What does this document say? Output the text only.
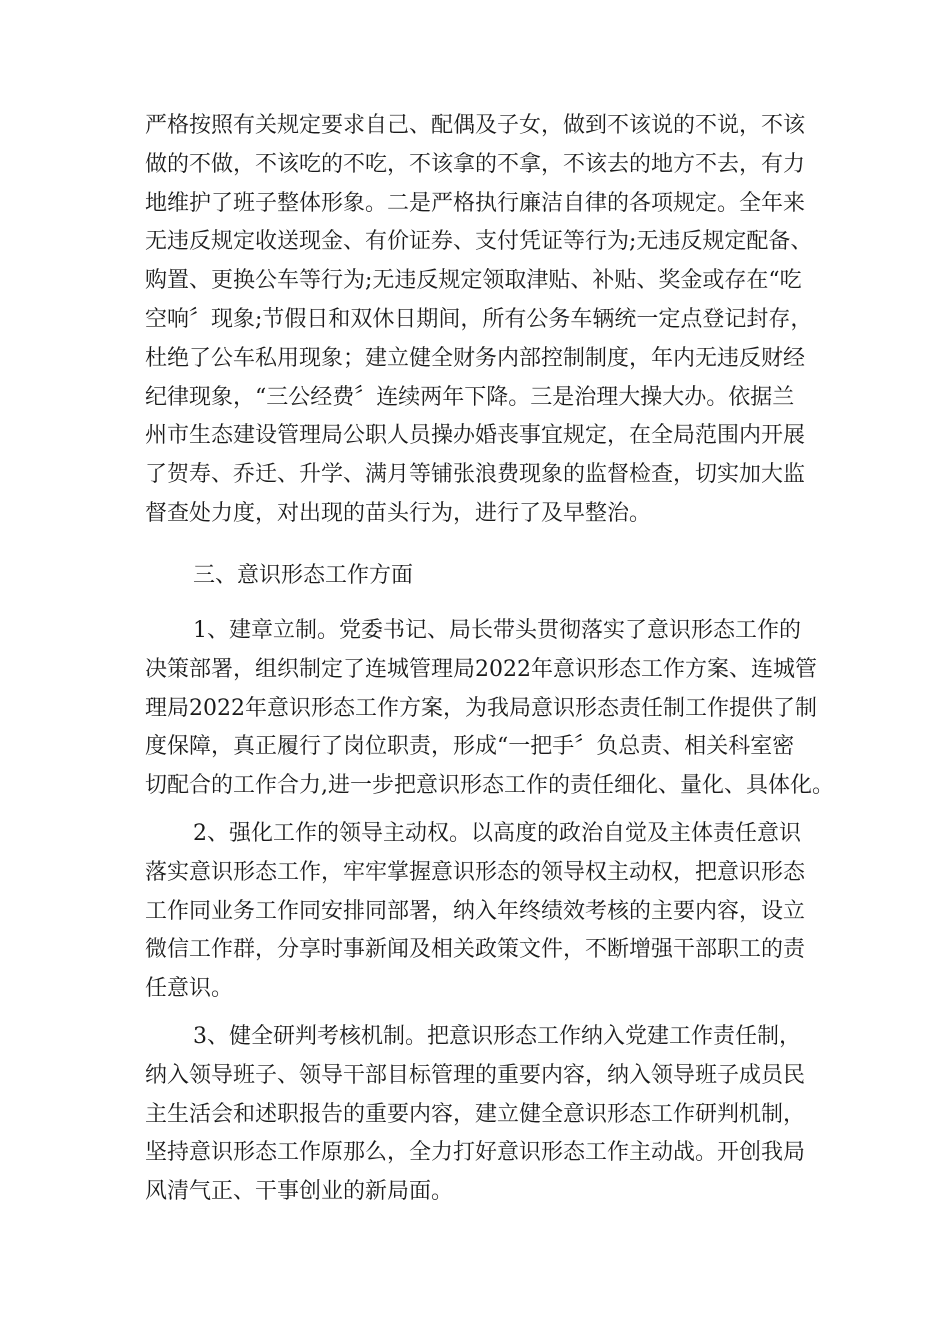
严格按照有关规定要求自己、配偶及子女，做到不该说的不说，不该
做的不做，不该吃的不吃，不该拿的不拿，不该去的地方不去，有力
地维护了班子整体形象。二是严格执行廉洁自律的各项规定。全年来
无违反规定收送现金、有价证券、支付凭证等行为;无违反规定配备、
购置、更换公车等行为;无违反规定领取津贴、补贴、奖金或存在“吃
空响〞现象;节假日和双休日期间，所有公务车辆统一定点登记封存，
杜绝了公车私用现象；建立健全财务内部控制制度，年内无违反财经
纪律现象，“三公经费〞连续两年下降。三是治理大操大办。依据兰
州市生态建设管理局公职人员操办婚丧事宜规定，在全局范围内开展
了贺寿、乔迁、升学、满月等铺张浪费现象的监督检查，切实加大监
督查处力度，对出现的苗头行为，进行了及早整治。

三、意识形态工作方面

1、建章立制。党委书记、局长带头贯彻落实了意识形态工作的
决策部署，组织制定了连城管理局2022年意识形态工作方案、连城管
理局2022年意识形态工作方案，为我局意识形态责任制工作提供了制
度保障，真正履行了岗位职责，形成“一把手〞负总责、相关科室密
切配合的工作合力,进一步把意识形态工作的责任细化、量化、具体化。
2、强化工作的领导主动权。以高度的政治自觉及主体责任意识
落实意识形态工作，牢牢掌握意识形态的领导权主动权，把意识形态
工作同业务工作同安排同部署，纳入年终绩效考核的主要内容，设立
微信工作群，分享时事新闻及相关政策文件，不断增强干部职工的责
任意识。
3、健全研判考核机制。把意识形态工作纳入党建工作责任制，
纳入领导班子、领导干部目标管理的重要内容，纳入领导班子成员民
主生活会和述职报告的重要内容，建立健全意识形态工作研判机制，
坚持意识形态工作原那么，全力打好意识形态工作主动战。开创我局
风清气正、干事创业的新局面。
